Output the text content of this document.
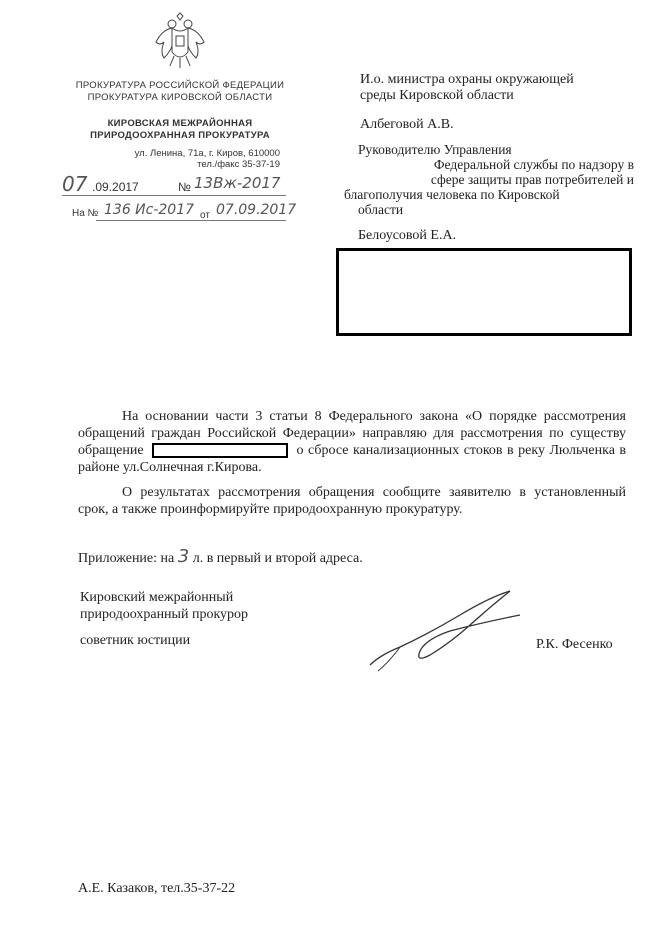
ПРОКУРАТУРА РОССИЙСКОЙ ФЕДЕРАЦИИ
ПРОКУРАТУРА КИРОВСКОЙ ОБЛАСТИ
КИРОВСКАЯ МЕЖРАЙОННАЯ
ПРИРОДООХРАННАЯ ПРОКУРАТУРА
ул. Ленина, 71а, г. Киров, 610000
тел./факс 35-37-19
07 .09.2017	№ 13Вж-2017
На № 136 Ис-2017 от 07.09.2017
И.о. министра охраны окружающей
среды Кировской области
Албеговой А.В.
Руководителю Управления
Федеральной службы по надзору в
сфере защиты прав потребителей и
благополучия человека по Кировской
области
Белоусовой Е.А.
На основании части 3 статьи 8 Федерального закона «О порядке рассмотрения обращений граждан Российской Федерации» направляю для рассмотрения по существу обращение	о сбросе канализационных стоков в реку Люльченка в районе ул.Солнечная г.Кирова.
О результатах рассмотрения обращения сообщите заявителю в установленный срок, а также проинформируйте природоохранную прокуратуру.
Приложение: на 3 л. в первый и второй адреса.
Кировский межрайонный
природоохранный прокурор
советник юстиции	Р.К. Фесенко
А.Е. Казаков, тел.35-37-22
